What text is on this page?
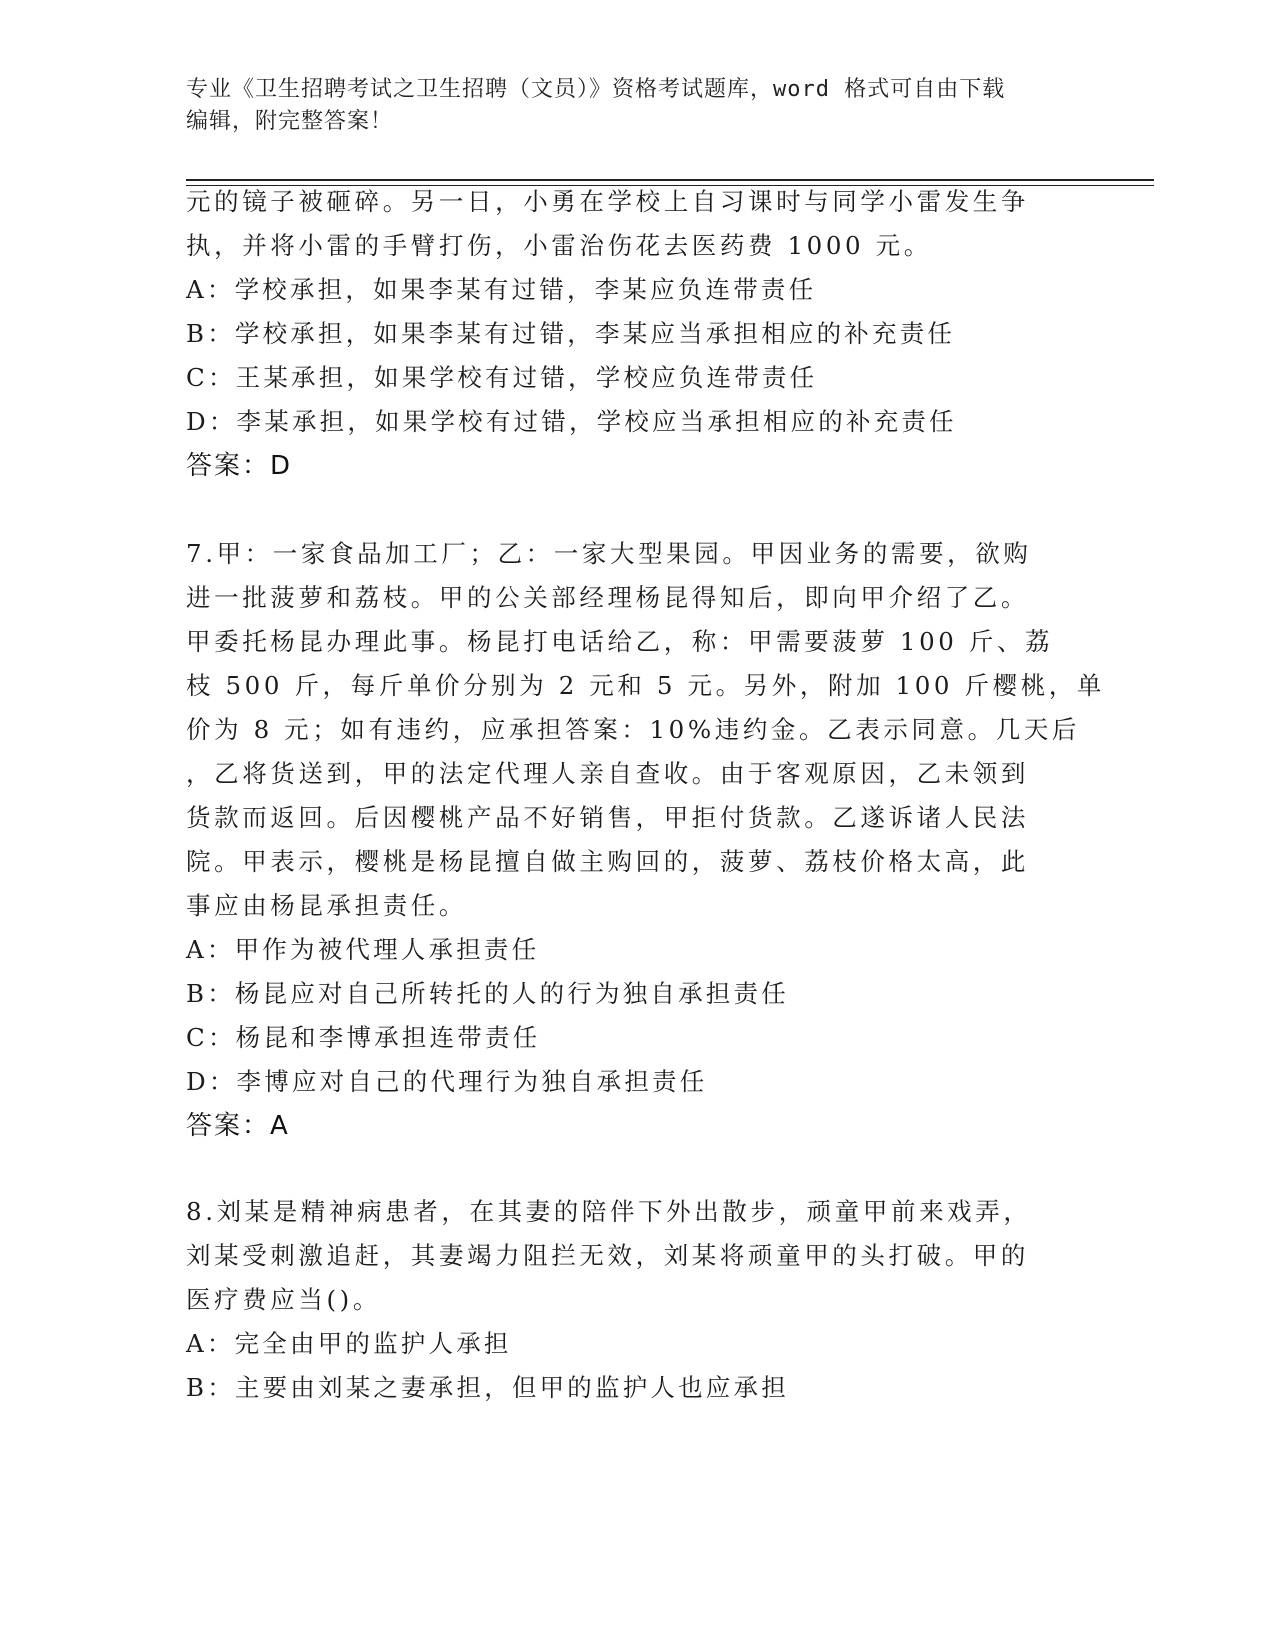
专业《卫生招聘考试之卫生招聘（文员）》资格考试题库，word 格式可自由下载
编辑，附完整答案！
元的镜子被砸碎。另一日，小勇在学校上自习课时与同学小雷发生争
执，并将小雷的手臂打伤，小雷治伤花去医药费 1000 元。
A：学校承担，如果李某有过错，李某应负连带责任
B：学校承担，如果李某有过错，李某应当承担相应的补充责任
C：王某承担，如果学校有过错，学校应负连带责任
D：李某承担，如果学校有过错，学校应当承担相应的补充责任
答案：D
7.甲：一家食品加工厂；乙：一家大型果园。甲因业务的需要，欲购
进一批菠萝和荔枝。甲的公关部经理杨昆得知后，即向甲介绍了乙。
甲委托杨昆办理此事。杨昆打电话给乙，称：甲需要菠萝 100 斤、荔
枝 500 斤，每斤单价分别为 2 元和 5 元。另外，附加 100 斤樱桃，单
价为 8 元；如有违约，应承担答案：10%违约金。乙表示同意。几天后
，乙将货送到，甲的法定代理人亲自查收。由于客观原因，乙未领到
货款而返回。后因樱桃产品不好销售，甲拒付货款。乙遂诉诸人民法
院。甲表示，樱桃是杨昆擅自做主购回的，菠萝、荔枝价格太高，此
事应由杨昆承担责任。
A：甲作为被代理人承担责任
B：杨昆应对自己所转托的人的行为独自承担责任
C：杨昆和李博承担连带责任
D：李博应对自己的代理行为独自承担责任
答案：A
8.刘某是精神病患者，在其妻的陪伴下外出散步，顽童甲前来戏弄，
刘某受刺激追赶，其妻竭力阻拦无效，刘某将顽童甲的头打破。甲的
医疗费应当()。
A：完全由甲的监护人承担
B：主要由刘某之妻承担，但甲的监护人也应承担
